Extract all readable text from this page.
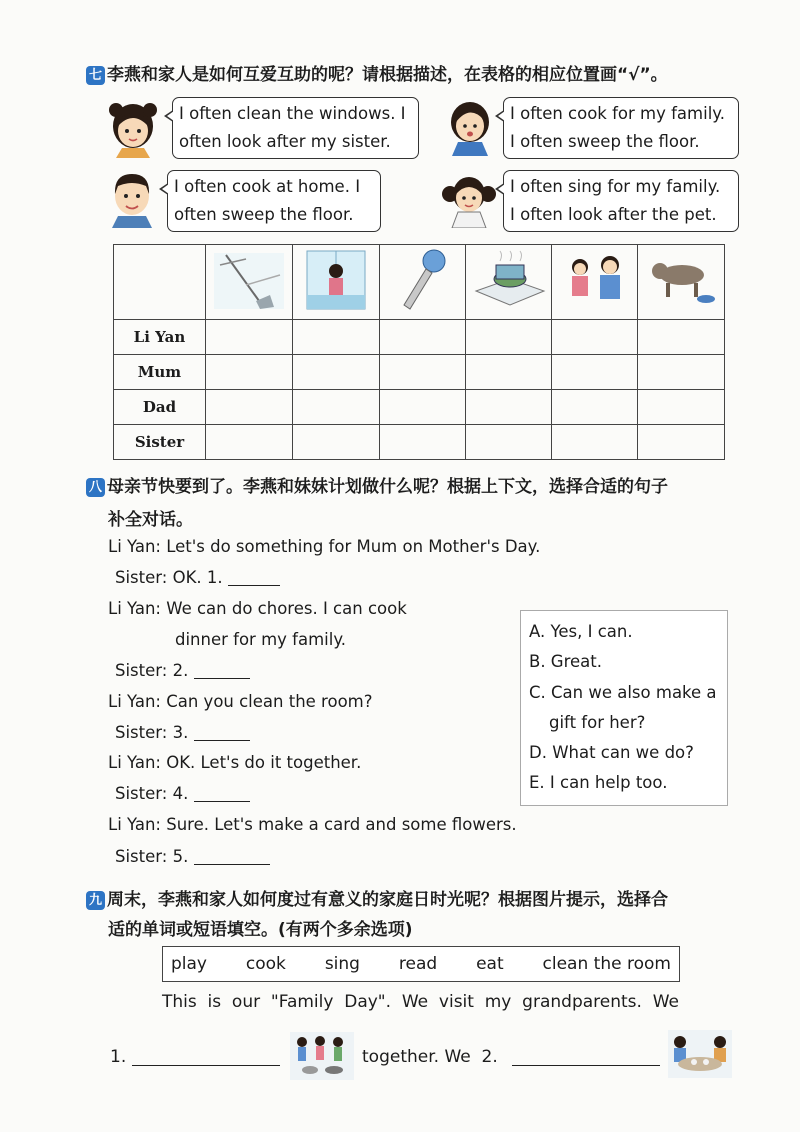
七 李燕和家人是如何互爱互助的呢？请根据描述，在表格的相应位置画“√”。
I often clean the windows. I
often look after my sister.
I often cook for my family.
I often sweep the floor.
I often cook at home. I
often sweep the floor.
I often sing for my family.
I often look after the pet.

Li Yan						
Mum						
Dad						
Sister						
八 母亲节快要到了。李燕和妹妹计划做什么呢？根据上下文，选择合适的句子
补全对话。
Li Yan: Let's do something for Mum on Mother's Day.
Sister: OK. 1.
Li Yan: We can do chores. I can cook
dinner for my family.
Sister: 2.
Li Yan: Can you clean the room?
Sister: 3.
Li Yan: OK. Let's do it together.
Sister: 4.
Li Yan: Sure. Let's make a card and some flowers.
Sister: 5.
A. Yes, I can.
B. Great.
C. Can we also make a
gift for her?
D. What can we do?
E. I can help too.
九 周末，李燕和家人如何度过有意义的家庭日时光呢？根据图片提示，选择合
适的单词或短语填空。(有两个多余选项)
play cook sing read eat clean the room
This  is  our  "Family  Day".  We  visit  my  grandparents.  We
1.	together. We  2.
